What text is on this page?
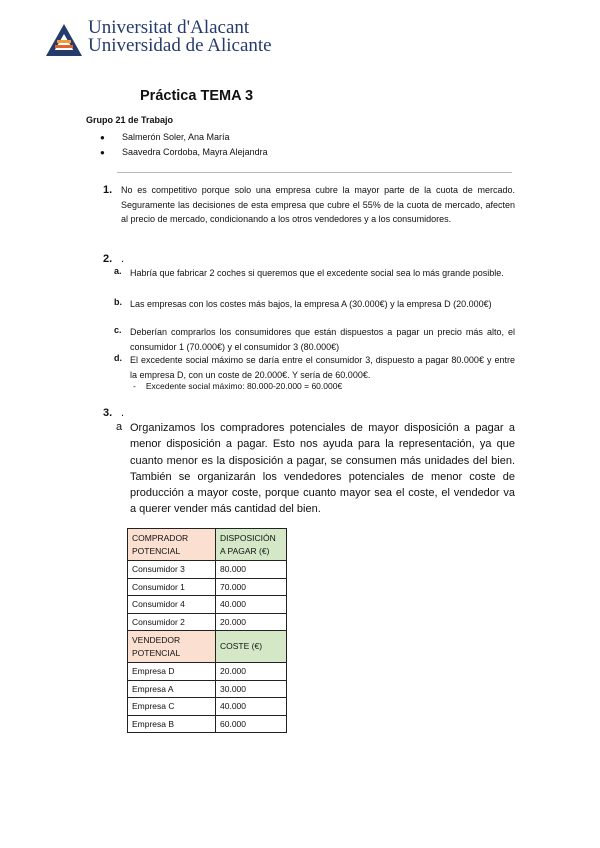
Universitat d'Alacant
Universidad de Alicante
Práctica TEMA 3
Grupo 21 de Trabajo
● Salmerón Soler, Ana María
● Saavedra Cordoba, Mayra Alejandra
1. No es competitivo porque solo una empresa cubre la mayor parte de la cuota de mercado. Seguramente las decisiones de esta empresa que cubre el 55% de la cuota de mercado, afecten al precio de mercado, condicionando a los otros vendedores y a los consumidores.
2. .
a. Habría que fabricar 2 coches si queremos que el excedente social sea lo más grande posible.
b. Las empresas con los costes más bajos, la empresa A (30.000€) y la empresa D (20.000€)
c. Deberían comprarlos los consumidores que están dispuestos a pagar un precio más alto, el consumidor 1 (70.000€) y el consumidor 3 (80.000€)
d. El excedente social máximo se daría entre el consumidor 3, dispuesto a pagar 80.000€ y entre la empresa D, con un coste de 20.000€. Y sería de 60.000€.
- Excedente social máximo: 80.000-20.000 = 60.000€
3. .
a Organizamos los compradores potenciales de mayor disposición a pagar a menor disposición a pagar. Esto nos ayuda para la representación, ya que cuanto menor es la disposición a pagar, se consumen más unidades del bien. También se organizarán los vendedores potenciales de menor coste de producción a mayor coste, porque cuanto mayor sea el coste, el vendedor va a querer vender más cantidad del bien.
COMPRADOR POTENCIAL	DISPOSICIÓN A PAGAR (€)
Consumidor 3	80.000
Consumidor 1	70.000
Consumidor 4	40.000
Consumidor 2	20.000
VENDEDOR POTENCIAL	COSTE (€)
Empresa D	20.000
Empresa A	30.000
Empresa C	40.000
Empresa B	60.000
